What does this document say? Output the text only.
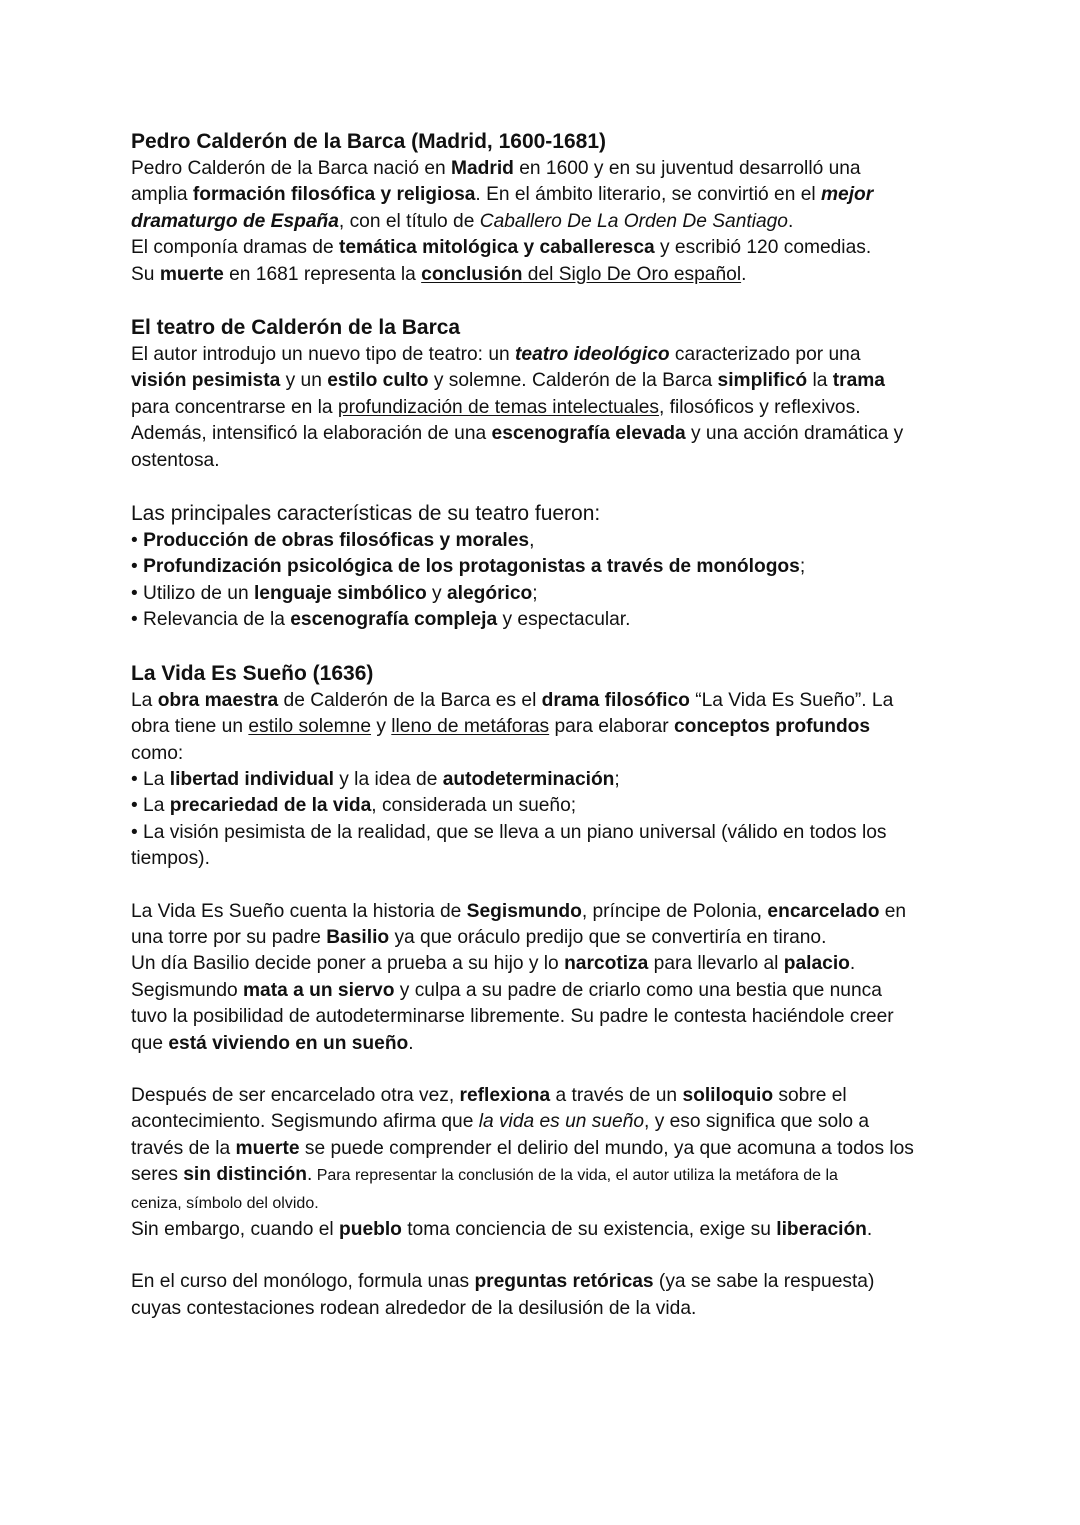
Pedro Calderón de la Barca (Madrid, 1600-1681)
Pedro Calderón de la Barca nació en Madrid en 1600 y en su juventud desarrolló una
amplia formación filosófica y religiosa. En el ámbito literario, se convirtió en el mejor
dramaturgo de España, con el título de Caballero De La Orden De Santiago.
El componía dramas de temática mitológica y caballeresca y escribió 120 comedias.
Su muerte en 1681 representa la conclusión del Siglo De Oro español.
El teatro de Calderón de la Barca
El autor introdujo un nuevo tipo de teatro: un teatro ideológico caracterizado por una
visión pesimista y un estilo culto y solemne. Calderón de la Barca simplificó la trama
para concentrarse en la profundización de temas intelectuales, filosóficos y reflexivos.
Además, intensificó la elaboración de una escenografía elevada y una acción dramática y
ostentosa.
Las principales características de su teatro fueron:
• Producción de obras filosóficas y morales,
• Profundización psicológica de los protagonistas a través de monólogos;
• Utilizo de un lenguaje simbólico y alegórico;
• Relevancia de la escenografía compleja y espectacular.
La Vida Es Sueño (1636)
La obra maestra de Calderón de la Barca es el drama filosófico “La Vida Es Sueño”. La
obra tiene un estilo solemne y lleno de metáforas para elaborar conceptos profundos
como:
• La libertad individual y la idea de autodeterminación;
• La precariedad de la vida, considerada un sueño;
• La visión pesimista de la realidad, que se lleva a un piano universal (válido en todos los
tiempos).
La Vida Es Sueño cuenta la historia de Segismundo, príncipe de Polonia, encarcelado en
una torre por su padre Basilio ya que oráculo predijo que se convertiría en tirano.
Un día Basilio decide poner a prueba a su hijo y lo narcotiza para llevarlo al palacio.
Segismundo mata a un siervo y culpa a su padre de criarlo como una bestia que nunca
tuvo la posibilidad de autodeterminarse libremente. Su padre le contesta haciéndole creer
que está viviendo en un sueño.
Después de ser encarcelado otra vez, reflexiona a través de un soliloquio sobre el
acontecimiento. Segismundo afirma que la vida es un sueño, y eso significa que solo a
través de la muerte se puede comprender el delirio del mundo, ya que acomuna a todos los
seres sin distinción. Para representar la conclusión de la vida, el autor utiliza la metáfora de la
ceniza, símbolo del olvido.
Sin embargo, cuando el pueblo toma conciencia de su existencia, exige su liberación.
En el curso del monólogo, formula unas preguntas retóricas (ya se sabe la respuesta)
cuyas contestaciones rodean alrededor de la desilusión de la vida.
